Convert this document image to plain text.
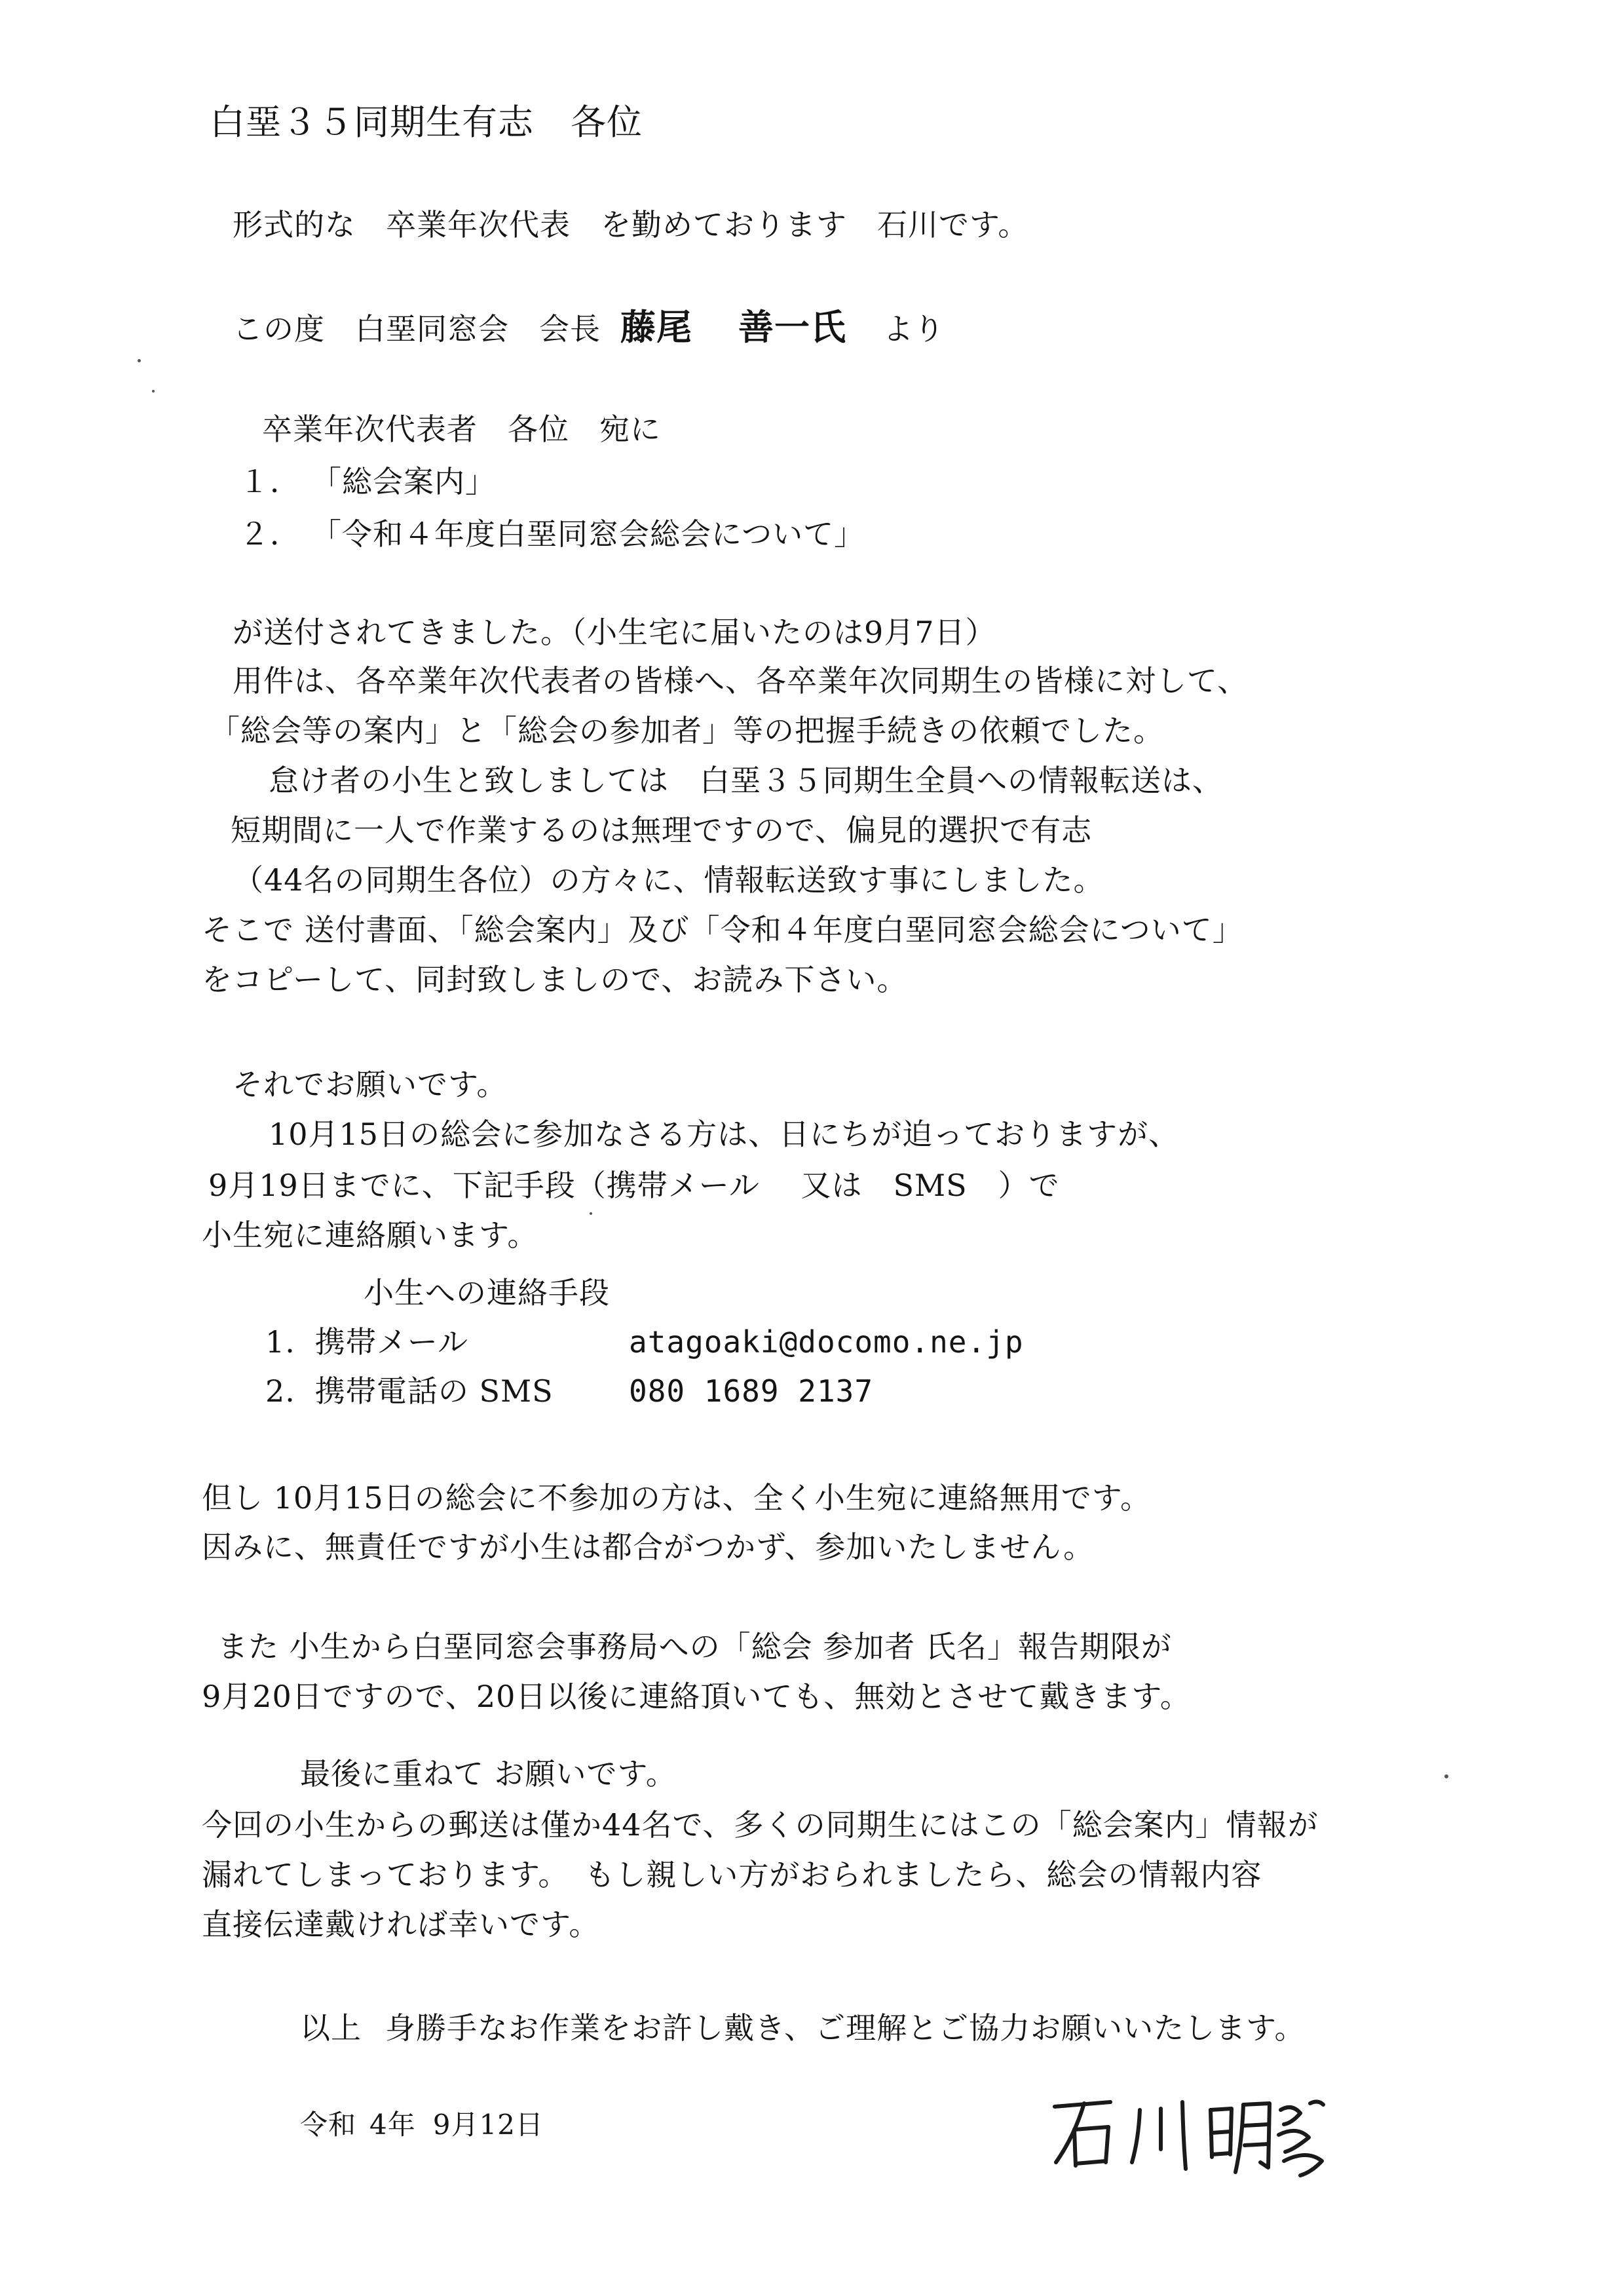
白堊３５同期生有志 各位
形式的な 卒業年次代表 を勤めております 石川です。
この度 白堊同窓会 会長 藤尾 善一氏 より
卒業年次代表者 各位 宛に
１． 「総会案内」
２． 「令和４年度白堊同窓会総会について」
が送付されてきました。（小生宅に届いたのは9月7日）
用件は、各卒業年次代表者の皆様へ、各卒業年次同期生の皆様に対して、
「総会等の案内」と「総会の参加者」等の把握手続きの依頼でした。
怠け者の小生と致しましては　白堊３５同期生全員への情報転送は、
短期間に一人で作業するのは無理ですので、偏見的選択で有志
（44名の同期生各位）の方々に、情報転送致す事にしました。
そこで 送付書面、「総会案内」及び「令和４年度白堊同窓会総会について」
をコピーして、同封致しましので、お読み下さい。
それでお願いです。
10月15日の総会に参加なさる方は、日にちが迫っておりますが、
9月19日までに、下記手段（携帯メール　 又は　SMS　）で
小生宛に連絡願います。
小生への連絡手段
1. 携帯メール	atagoaki@docomo.ne.jp
2. 携帯電話の SMS	080 1689 2137
但し 10月15日の総会に不参加の方は、全く小生宛に連絡無用です。
因みに、無責任ですが小生は都合がつかず、参加いたしません。
また 小生から白堊同窓会事務局への「総会 参加者 氏名」報告期限が
9月20日ですので、20日以後に連絡頂いても、無効とさせて戴きます。
最後に重ねて お願いです。
今回の小生からの郵送は僅か44名で、多くの同期生にはこの「総会案内」情報が
漏れてしまっております。　もし親しい方がおられましたら、総会の情報内容
直接伝達戴ければ幸いです。
以上 身勝手なお作業をお許し戴き、ご理解とご協力お願いいたします。
令和 4年 9月12日
